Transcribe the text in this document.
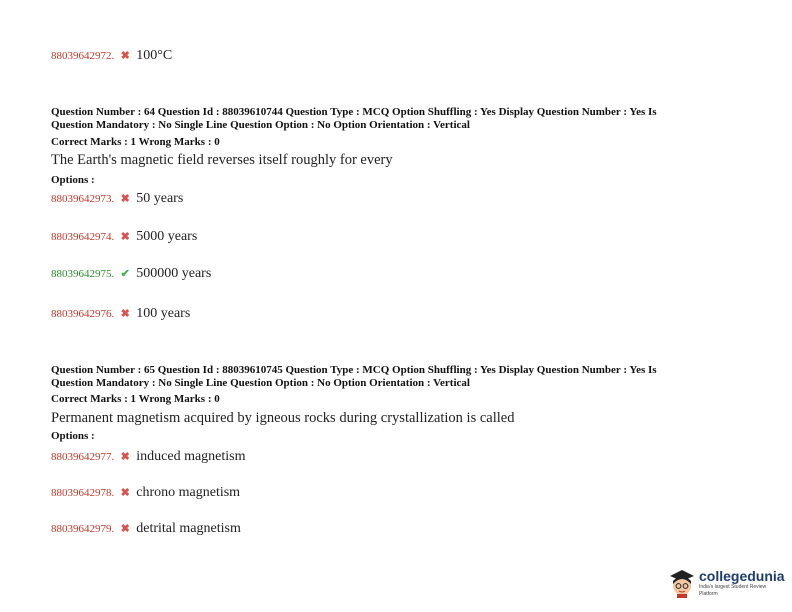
88039642972. ✖ 100°C
Question Number : 64 Question Id : 88039610744 Question Type : MCQ Option Shuffling : Yes Display Question Number : Yes Is
Question Mandatory : No Single Line Question Option : No Option Orientation : Vertical
Correct Marks : 1 Wrong Marks : 0
The Earth's magnetic field reverses itself roughly for every
Options :
88039642973. ✖ 50 years
88039642974. ✖ 5000 years
88039642975. ✔ 500000 years
88039642976. ✖ 100 years
Question Number : 65 Question Id : 88039610745 Question Type : MCQ Option Shuffling : Yes Display Question Number : Yes Is
Question Mandatory : No Single Line Question Option : No Option Orientation : Vertical
Correct Marks : 1 Wrong Marks : 0
Permanent magnetism acquired by igneous rocks during crystallization is called
Options :
88039642977. ✖ induced magnetism
88039642978. ✖ chrono magnetism
88039642979. ✖ detrital magnetism
collegedunia
India's largest Student Review Platform
